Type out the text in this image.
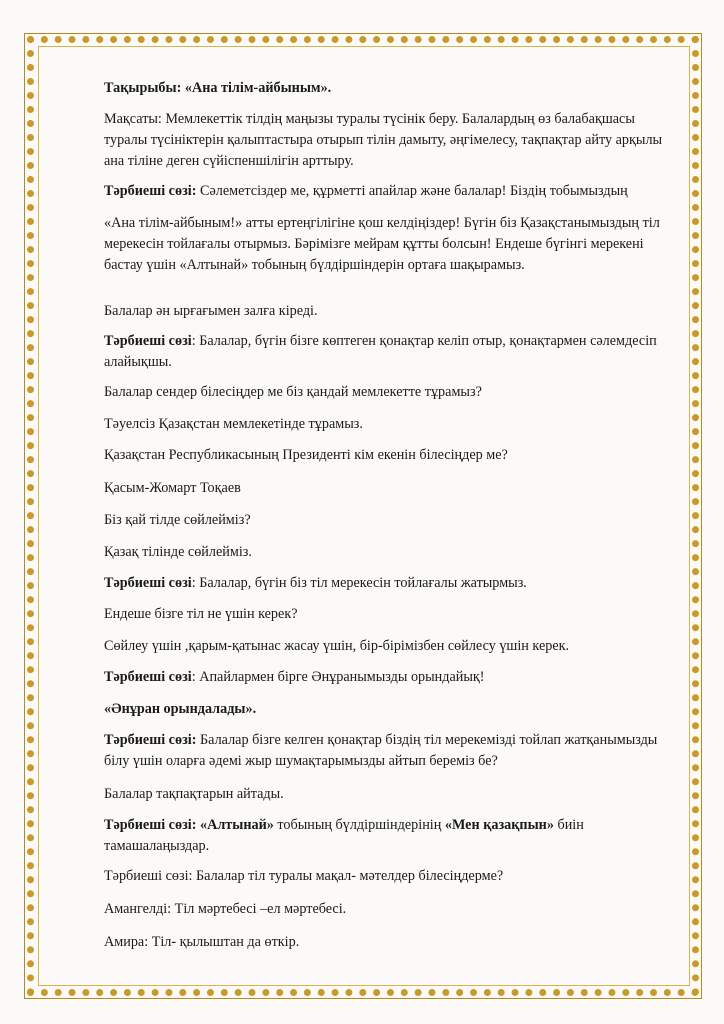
Тақырыбы: «Ана тілім-айбыным».

Мақсаты: Мемлекеттік тілдің маңызы туралы түсінік беру. Балалардың өз балабақшасы туралы түсініктерін қалыптастыра отырып тілін дамыту, әңгімелесу, тақпақтар айту арқылы ана тіліне деген сүйіспеншілігін арттыру.

Тәрбиеші сөзі: Сәлеметсіздер ме, құрметті апайлар және балалар! Біздің тобымыздың

«Ана тілім-айбыным!» атты ертеңгілігіне қош келдіңіздер! Бүгін біз Қазақстанымыздың тіл мерекесін тойлағалы отырмыз. Бәрімізге мейрам құтты болсын! Ендеше бүгінгі мерекені бастау үшін «Алтынай» тобының бүлдіршіндерін ортаға шақырамыз.

Балалар ән ырғағымен залға кіреді.

Тәрбиеші сөзі: Балалар, бүгін бізге көптеген қонақтар келіп отыр, қонақтармен сәлемдесіп алайықшы.

Балалар сендер білесіңдер ме біз қандай мемлекетте тұрамыз?

Тәуелсіз Қазақстан мемлекетінде тұрамыз.

Қазақстан Республикасының Президенті кім екенін білесіңдер ме?

Қасым-Жомарт Тоқаев

Біз қай тілде сөйлейміз?

Қазақ тілінде сөйлейміз.

Тәрбиеші сөзі: Балалар, бүгін біз тіл мерекесін тойлағалы жатырмыз.

Ендеше бізге тіл не үшін керек?

Сөйлеу үшін ,қарым-қатынас жасау үшін, бір-бірімізбен сөйлесу үшін керек.

Тәрбиеші сөзі: Апайлармен бірге Әнұранымызды орындайық!

«Әнұран орындалады».

Тәрбиеші сөзі: Балалар бізге келген қонақтар біздің тіл мерекемізді тойлап жатқанымызды білу үшін оларға әдемі жыр шумақтарымызды айтып береміз бе?

Балалар тақпақтарын айтады.

Тәрбиеші сөзі: «Алтынай» тобының бүлдіршіндерінің «Мен қазақпын» биін тамашалаңыздар.

Тәрбиеші сөзі: Балалар тіл туралы мақал- мәтелдер білесіңдерме?

Амангелді: Тіл мәртебесі –ел мәртебесі.

Амира: Тіл- қылыштан да өткір.
